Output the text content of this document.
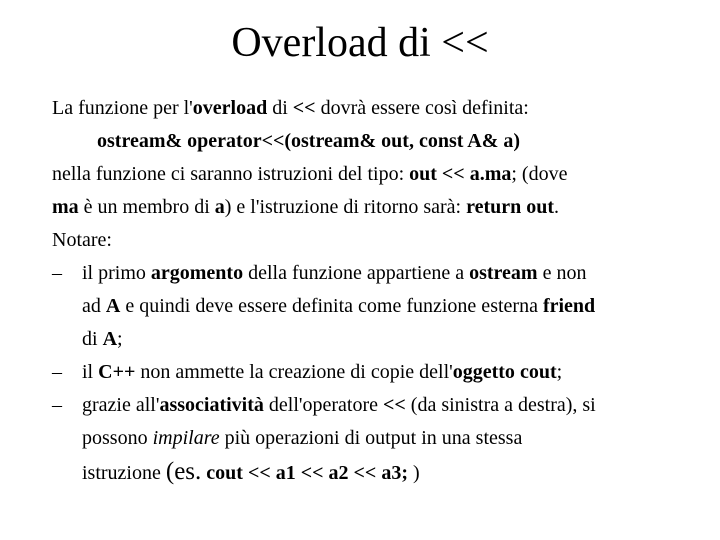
Overload di <<
La funzione per l'overload di << dovrà essere così definita:
ostream& operator<<(ostream& out, const A& a)
nella funzione ci saranno istruzioni del tipo: out << a.ma; (dove
ma è un membro di a) e l'istruzione di ritorno sarà: return out.
Notare:
–	il primo argomento della funzione appartiene a ostream e non
ad A e quindi deve essere definita come funzione esterna friend
di A;
–	il C++ non ammette la creazione di copie dell'oggetto cout;
–	grazie all'associatività dell'operatore << (da sinistra a destra), si
possono impilare più operazioni di output in una stessa
istruzione (es. cout << a1 << a2 << a3; )
